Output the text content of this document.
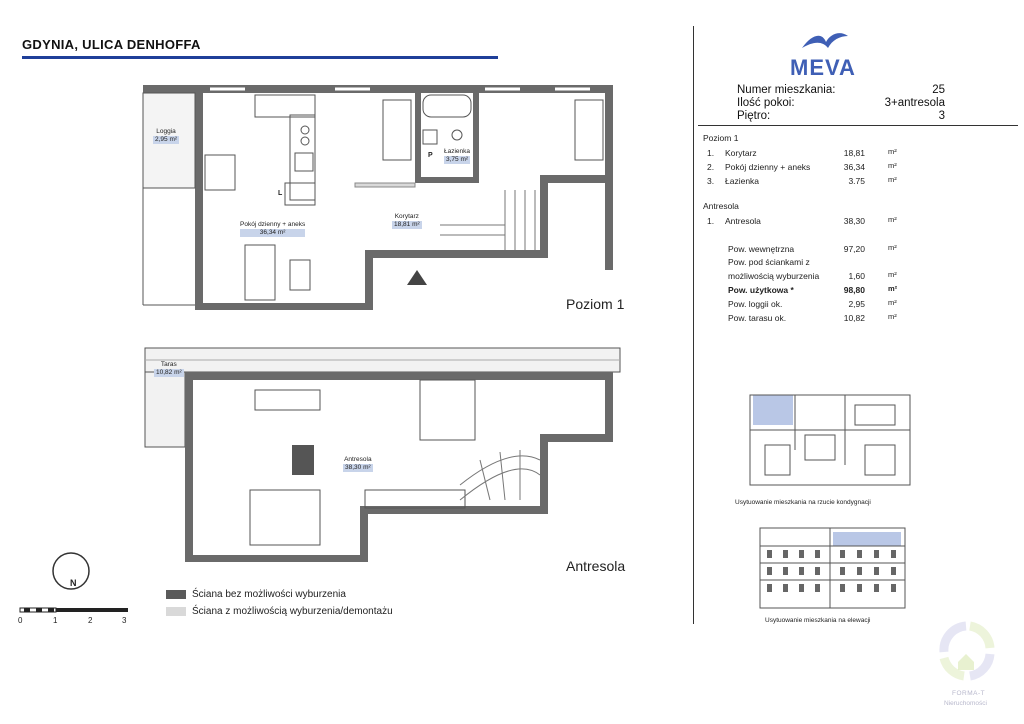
GDYNIA, ULICA DENHOFFA
MEVA
Numer mieszkania:	25
Ilość pokoi:	3+antresola
Piętro:	3
Poziom 1
1.	Korytarz	18,81	m²
2.	Pokój dzienny + aneks	36,34	m²
3.	Łazienka	3.75	m²
Antresola
1.	Antresola	38,30	m²
Pow. wewnętrzna	97,20	m²
Pow. pod ściankami z
możliwością wyburzenia	1,60	m²
Pow. użytkowa *	98,80	m²
Pow. loggii ok.	2,95	m²
Pow. tarasu ok.	10,82	m²
Loggia
2,95 m²
Łazienka
3,75 m²
Pokój dzienny + aneks
36,34 m²
Korytarz
18,81 m²
P
L
Poziom 1
Taras
10,82 m²
Antresola
38,30 m²
Antresola
N
0	1	2	3
Ściana bez możliwości wyburzenia
Ściana z możliwością wyburzenia/demontażu
Usytuowanie mieszkania na rzucie kondygnacji
Usytuowanie mieszkania na elewacji
FORMA-T
Nieruchomości
